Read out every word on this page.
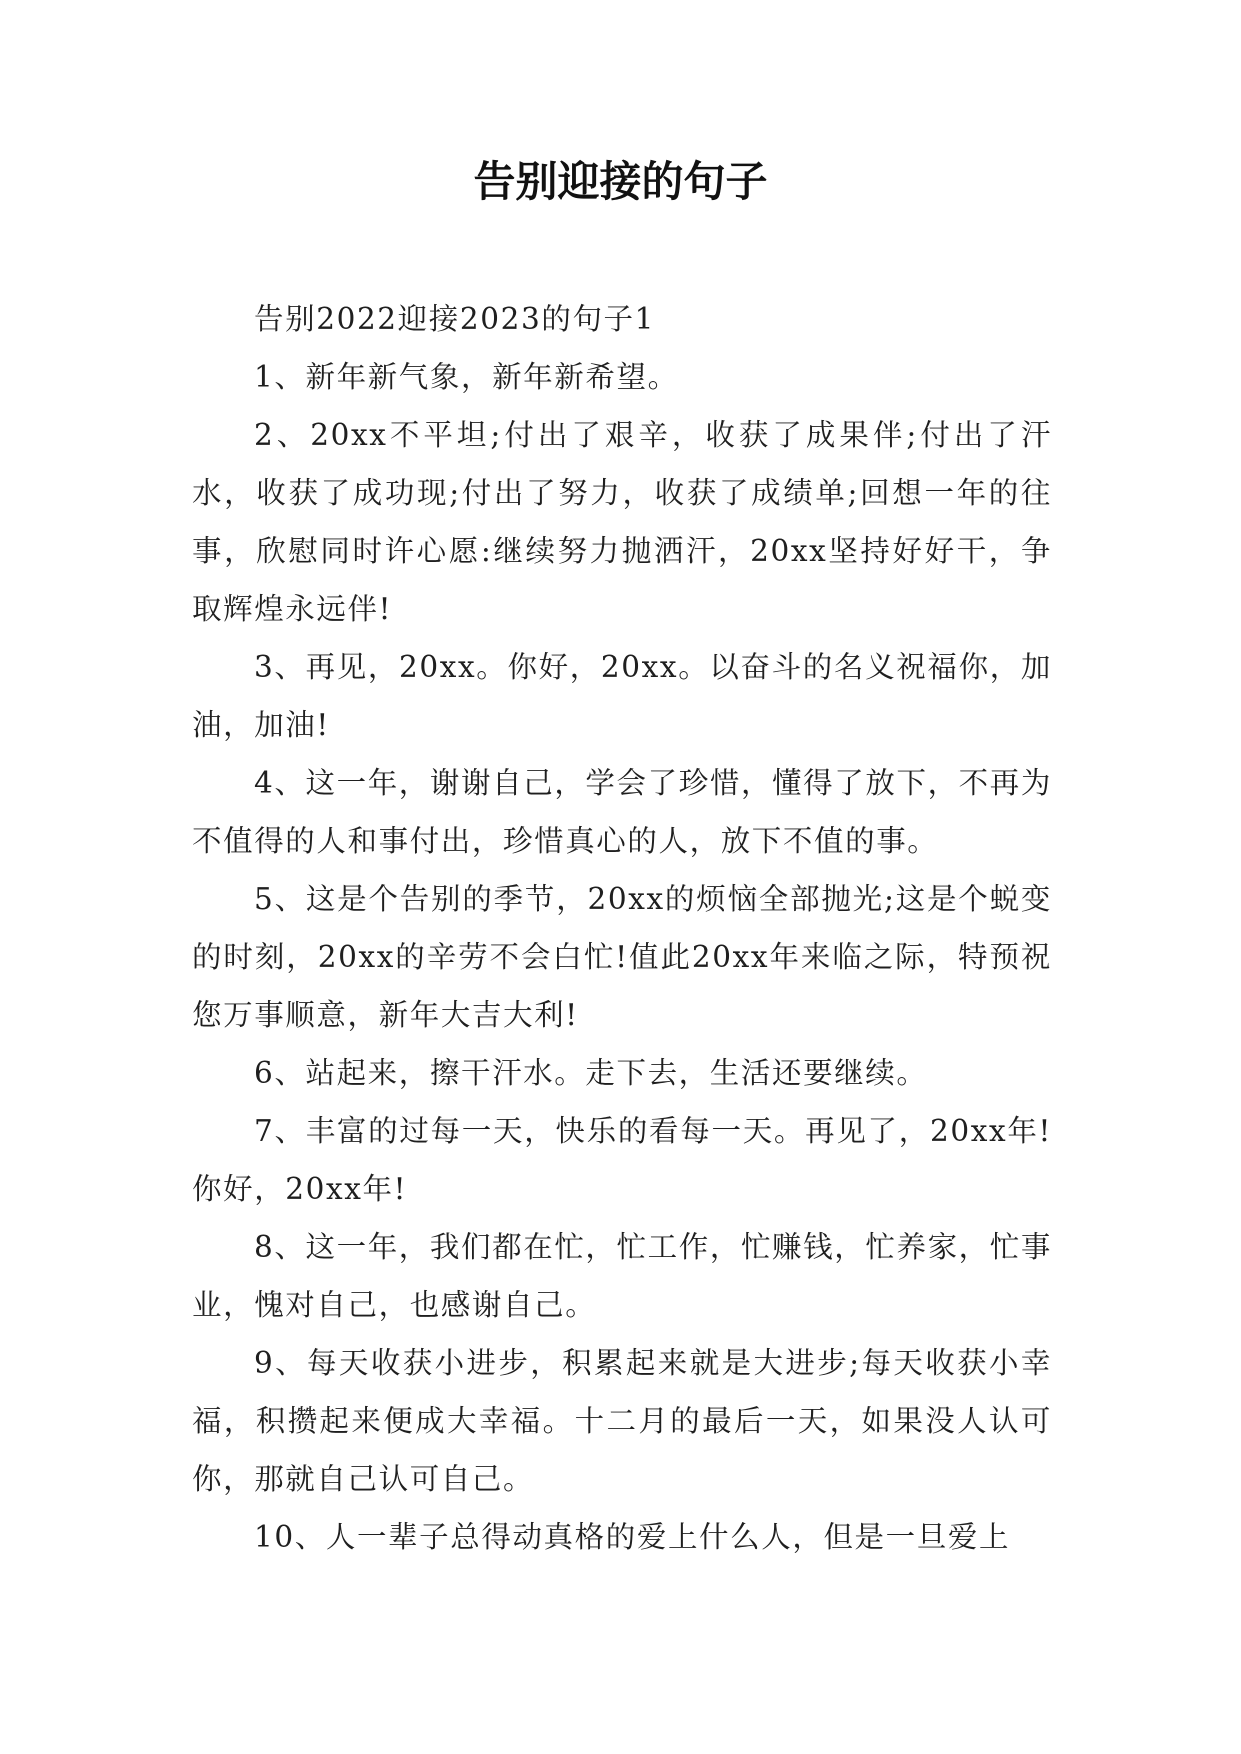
告别迎接的句子

告别2022迎接2023的句子1

1、新年新气象，新年新希望。

2、20xx不平坦;付出了艰辛，收获了成果伴;付出了汗水，收获了成功现;付出了努力，收获了成绩单;回想一年的往事，欣慰同时许心愿:继续努力抛洒汗，20xx坚持好好干，争取辉煌永远伴!

3、再见，20xx。你好，20xx。以奋斗的名义祝福你，加油，加油!

4、这一年，谢谢自己，学会了珍惜，懂得了放下，不再为不值得的人和事付出，珍惜真心的人，放下不值的事。

5、这是个告别的季节，20xx的烦恼全部抛光;这是个蜕变的时刻，20xx的辛劳不会白忙!值此20xx年来临之际，特预祝您万事顺意，新年大吉大利!

6、站起来，擦干汗水。走下去，生活还要继续。

7、丰富的过每一天，快乐的看每一天。再见了，20xx年!你好，20xx年!

8、这一年，我们都在忙，忙工作，忙赚钱，忙养家，忙事业，愧对自己，也感谢自己。

9、每天收获小进步，积累起来就是大进步;每天收获小幸福，积攒起来便成大幸福。十二月的最后一天，如果没人认可你，那就自己认可自己。

10、人一辈子总得动真格的爱上什么人，但是一旦爱上
